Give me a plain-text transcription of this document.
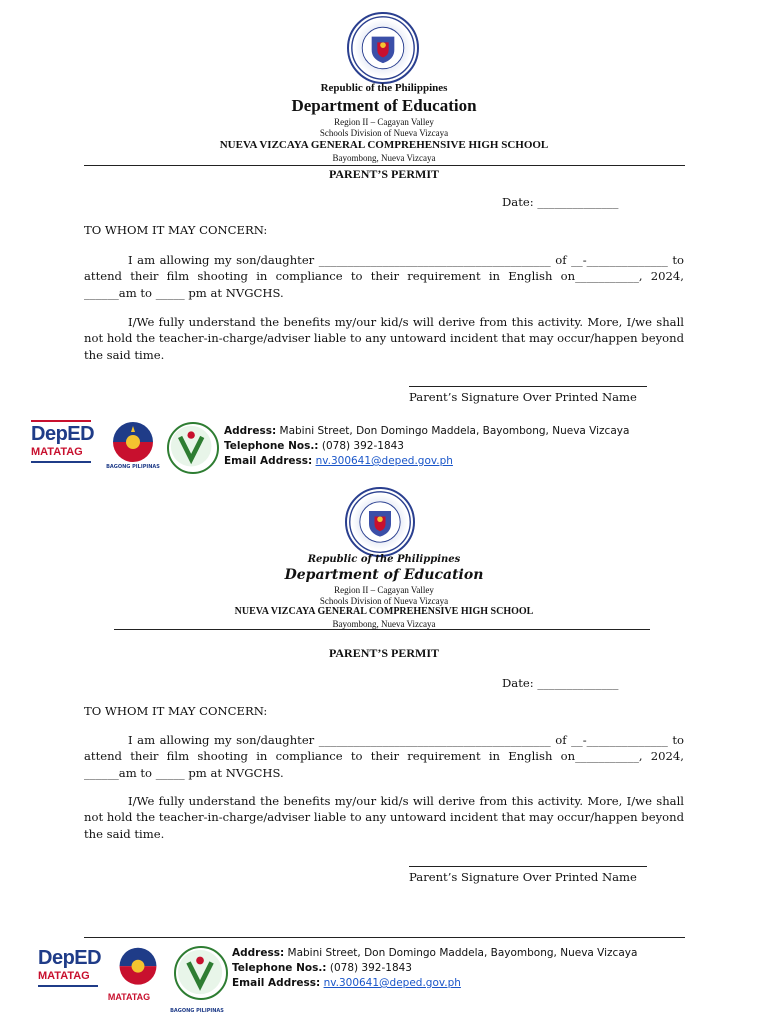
Republic of the Philippines
Department of Education
Region II – Cagayan Valley
Schools Division of Nueva Vizcaya
NUEVA VIZCAYA GENERAL COMPREHENSIVE HIGH SCHOOL
Bayombong, Nueva Vizcaya
PARENT’S PERMIT
Date: ______________
TO WHOM IT MAY CONCERN:
I am allowing my son/daughter ________________________________________ of __-______________ to attend their film shooting in compliance to their requirement in English on___________, 2024, ______am to _____ pm at NVGCHS.
I/We fully understand the benefits my/our kid/s will derive from this activity. More, I/we shall not hold the teacher-in-charge/adviser liable to any untoward incident that may occur/happen beyond the said time.
Parent’s Signature Over Printed Name
DepED
MATATAG
BAGONG PILIPINAS
Address: Mabini Street, Don Domingo Maddela, Bayombong, Nueva Vizcaya
Telephone Nos.: (078) 392-1843
Email Address: nv.300641@deped.gov.ph
Republic of the Philippines
Department of Education
Region II – Cagayan Valley
Schools Division of Nueva Vizcaya
NUEVA VIZCAYA GENERAL COMPREHENSIVE HIGH SCHOOL
Bayombong, Nueva Vizcaya
PARENT’S PERMIT
Date: ______________
TO WHOM IT MAY CONCERN:
I am allowing my son/daughter ________________________________________ of __-______________ to attend their film shooting in compliance to their requirement in English on___________, 2024, ______am to _____ pm at NVGCHS.
I/We fully understand the benefits my/our kid/s will derive from this activity. More, I/we shall not hold the teacher-in-charge/adviser liable to any untoward incident that may occur/happen beyond the said time.
Parent’s Signature Over Printed Name
DepED
MATATAG
MATATAG
BAGONG PILIPINAS
Address: Mabini Street, Don Domingo Maddela, Bayombong, Nueva Vizcaya
Telephone Nos.: (078) 392-1843
Email Address: nv.300641@deped.gov.ph
